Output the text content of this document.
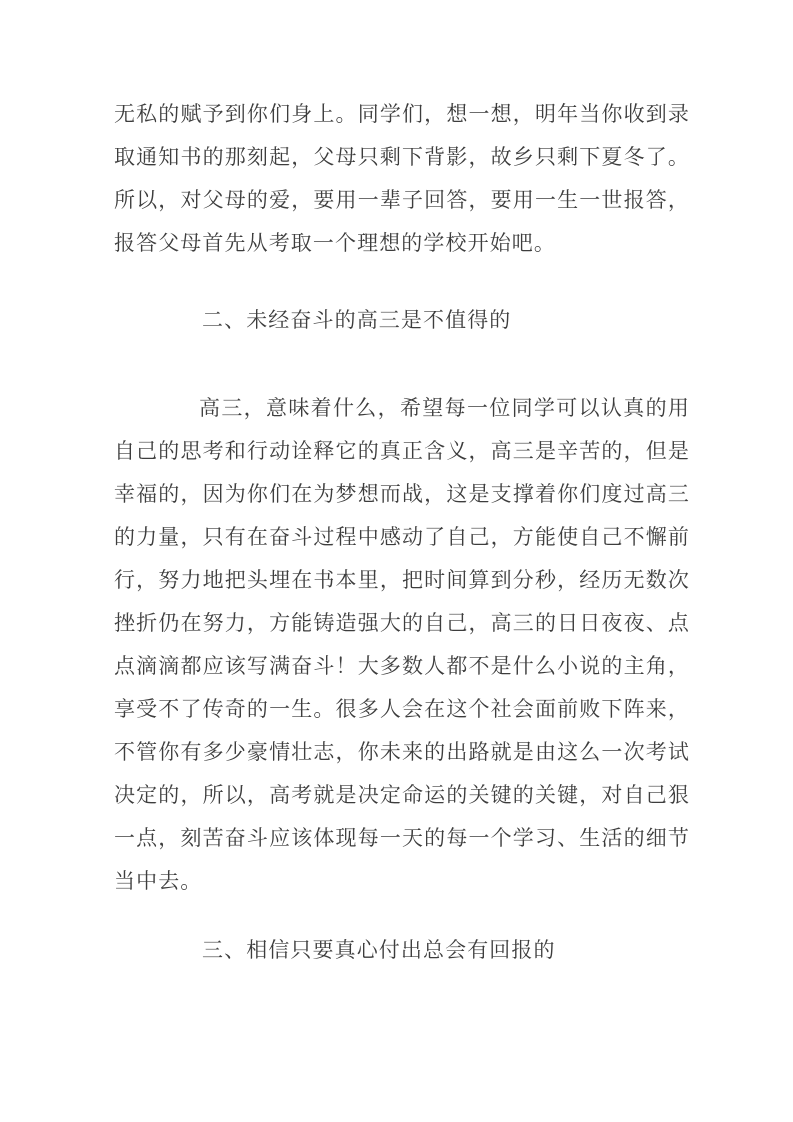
无私的赋予到你们身上。同学们，想一想，明年当你收到录取通知书的那刻起，父母只剩下背影，故乡只剩下夏冬了。所以，对父母的爱，要用一辈子回答，要用一生一世报答，报答父母首先从考取一个理想的学校开始吧。

二、未经奋斗的高三是不值得的

高三，意味着什么，希望每一位同学可以认真的用自己的思考和行动诠释它的真正含义，高三是辛苦的，但是幸福的，因为你们在为梦想而战，这是支撑着你们度过高三的力量，只有在奋斗过程中感动了自己，方能使自己不懈前行，努力地把头埋在书本里，把时间算到分秒，经历无数次挫折仍在努力，方能铸造强大的自己，高三的日日夜夜、点点滴滴都应该写满奋斗！大多数人都不是什么小说的主角，享受不了传奇的一生。很多人会在这个社会面前败下阵来，不管你有多少豪情壮志，你未来的出路就是由这么一次考试决定的，所以，高考就是决定命运的关键的关键，对自己狠一点，刻苦奋斗应该体现每一天的每一个学习、生活的细节当中去。

三、相信只要真心付出总会有回报的
